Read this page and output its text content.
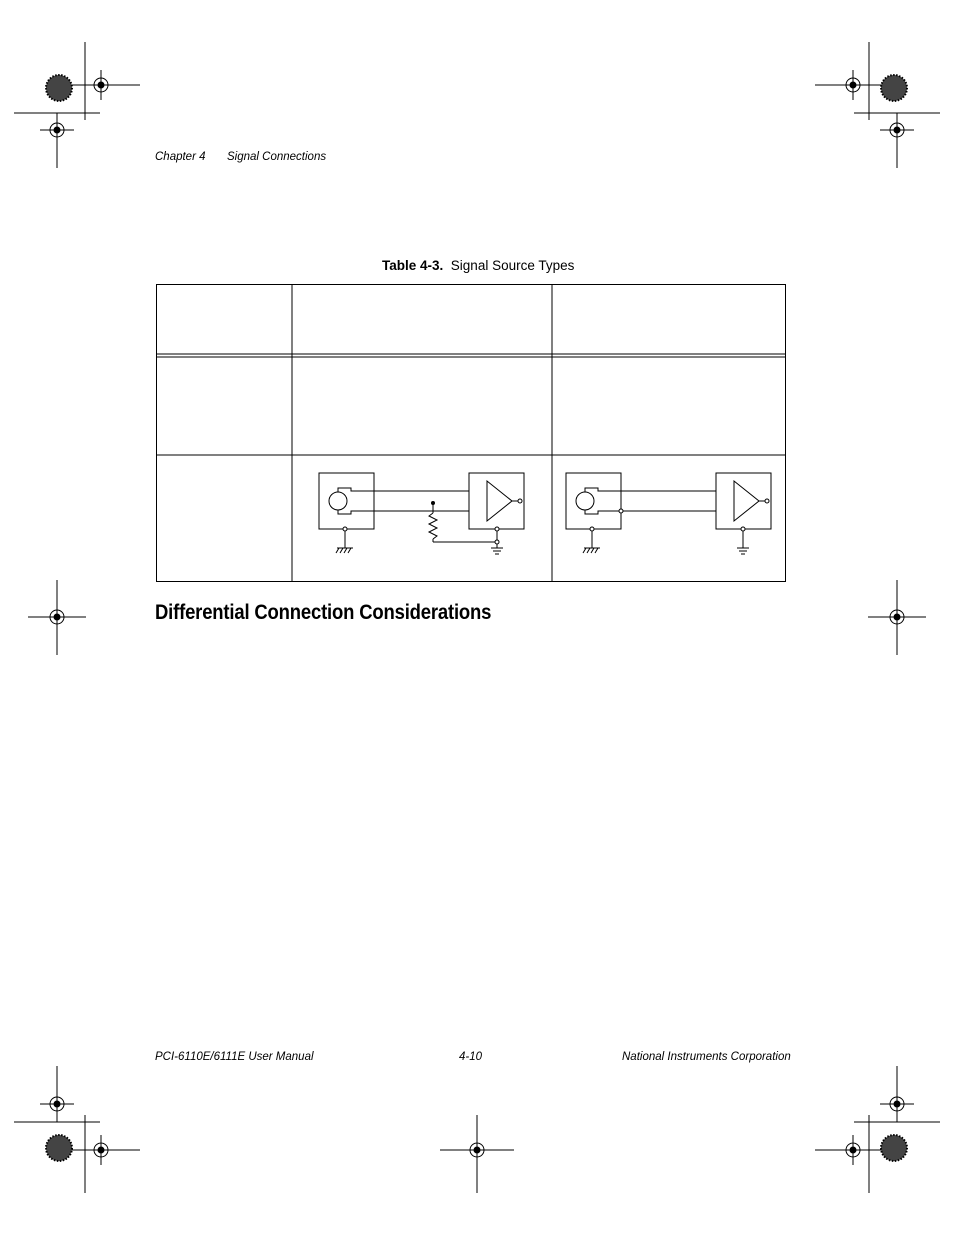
Chapter 4 Signal Connections
Table 4-3. Signal Source Types
Differential Connection Considerations
PCI-6110E/6111E User Manual	4-10	National Instruments Corporation
